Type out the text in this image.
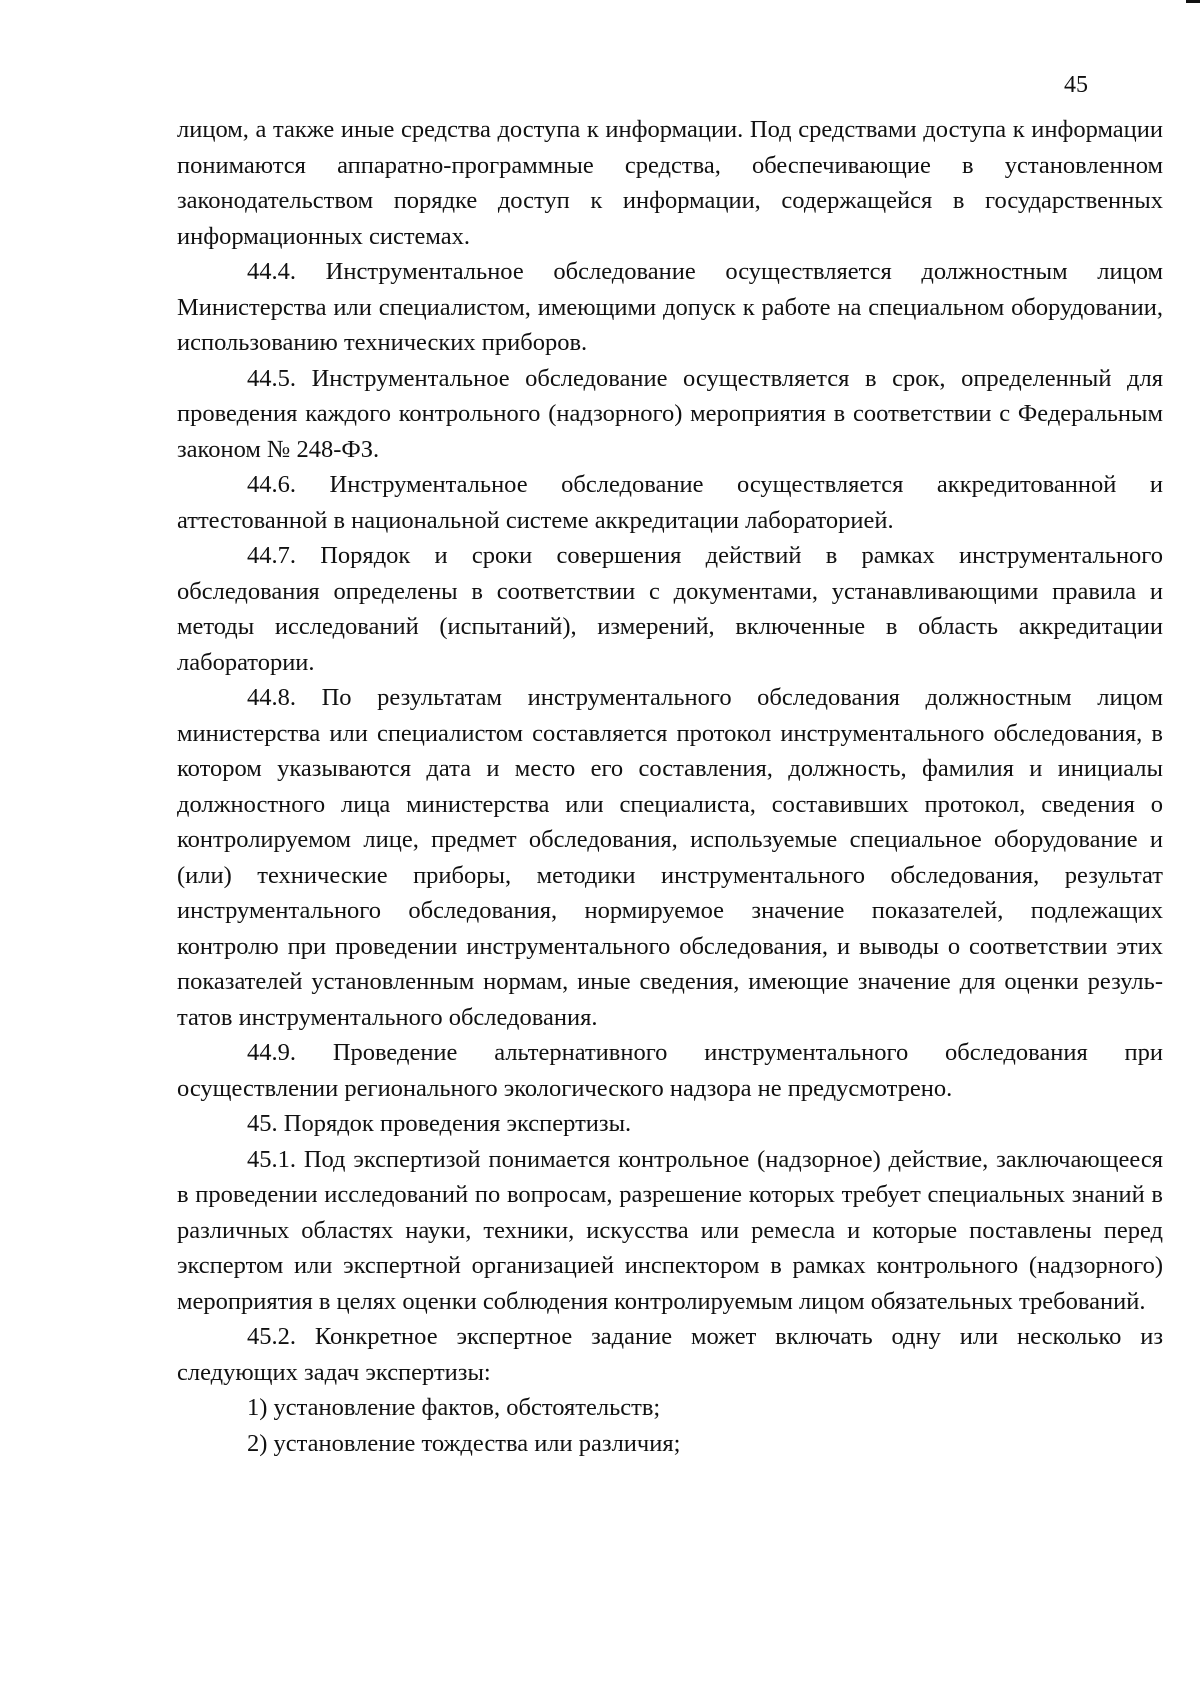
45

лицом, а также иные средства доступа к информации. Под средствами доступа к информации понимаются аппаратно-программные средства, обеспечивающие в установленном законодательством порядке доступ к информации, содержащейся в государственных информационных системах.

44.4. Инструментальное обследование осуществляется должностным лицом Министерства или специалистом, имеющими допуск к работе на специальном оборудовании, использованию технических приборов.

44.5. Инструментальное обследование осуществляется в срок, определенный для проведения каждого контрольного (надзорного) мероприятия в соответствии с Федеральным законом № 248-ФЗ.

44.6. Инструментальное обследование осуществляется аккредитованной и аттестованной в национальной системе аккредитации лабораторией.

44.7. Порядок и сроки совершения действий в рамках инструментального обследования определены в соответствии с документами, устанавливающими правила и методы исследований (испытаний), измерений, включенные в область аккредитации лаборатории.

44.8. По результатам инструментального обследования должностным лицом министерства или специалистом составляется протокол инструментального обследования, в котором указываются дата и место его составления, должность, фамилия и инициалы должностного лица министерства или специалиста, составивших протокол, сведения о контролируемом лице, предмет обследования, используемые специальное оборудование и (или) технические приборы, методики инструментального обследования, результат инструментального обследования, нормируемое значение показателей, подлежащих контролю при проведении инструментального обследования, и выводы о соответствии этих показателей установленным нормам, иные сведения, имеющие значение для оценки результатов инструментального обследования.

44.9. Проведение альтернативного инструментального обследования при осуществлении регионального экологического надзора не предусмотрено.

45. Порядок проведения экспертизы.

45.1. Под экспертизой понимается контрольное (надзорное) действие, заключающееся в проведении исследований по вопросам, разрешение которых требует специальных знаний в различных областях науки, техники, искусства или ремесла и которые поставлены перед экспертом или экспертной организацией инспектором в рамках контрольного (надзорного) мероприятия в целях оценки соблюдения контролируемым лицом обязательных требований.

45.2. Конкретное экспертное задание может включать одну или несколько из следующих задач экспертизы:

1) установление фактов, обстоятельств;

2) установление тождества или различия;
